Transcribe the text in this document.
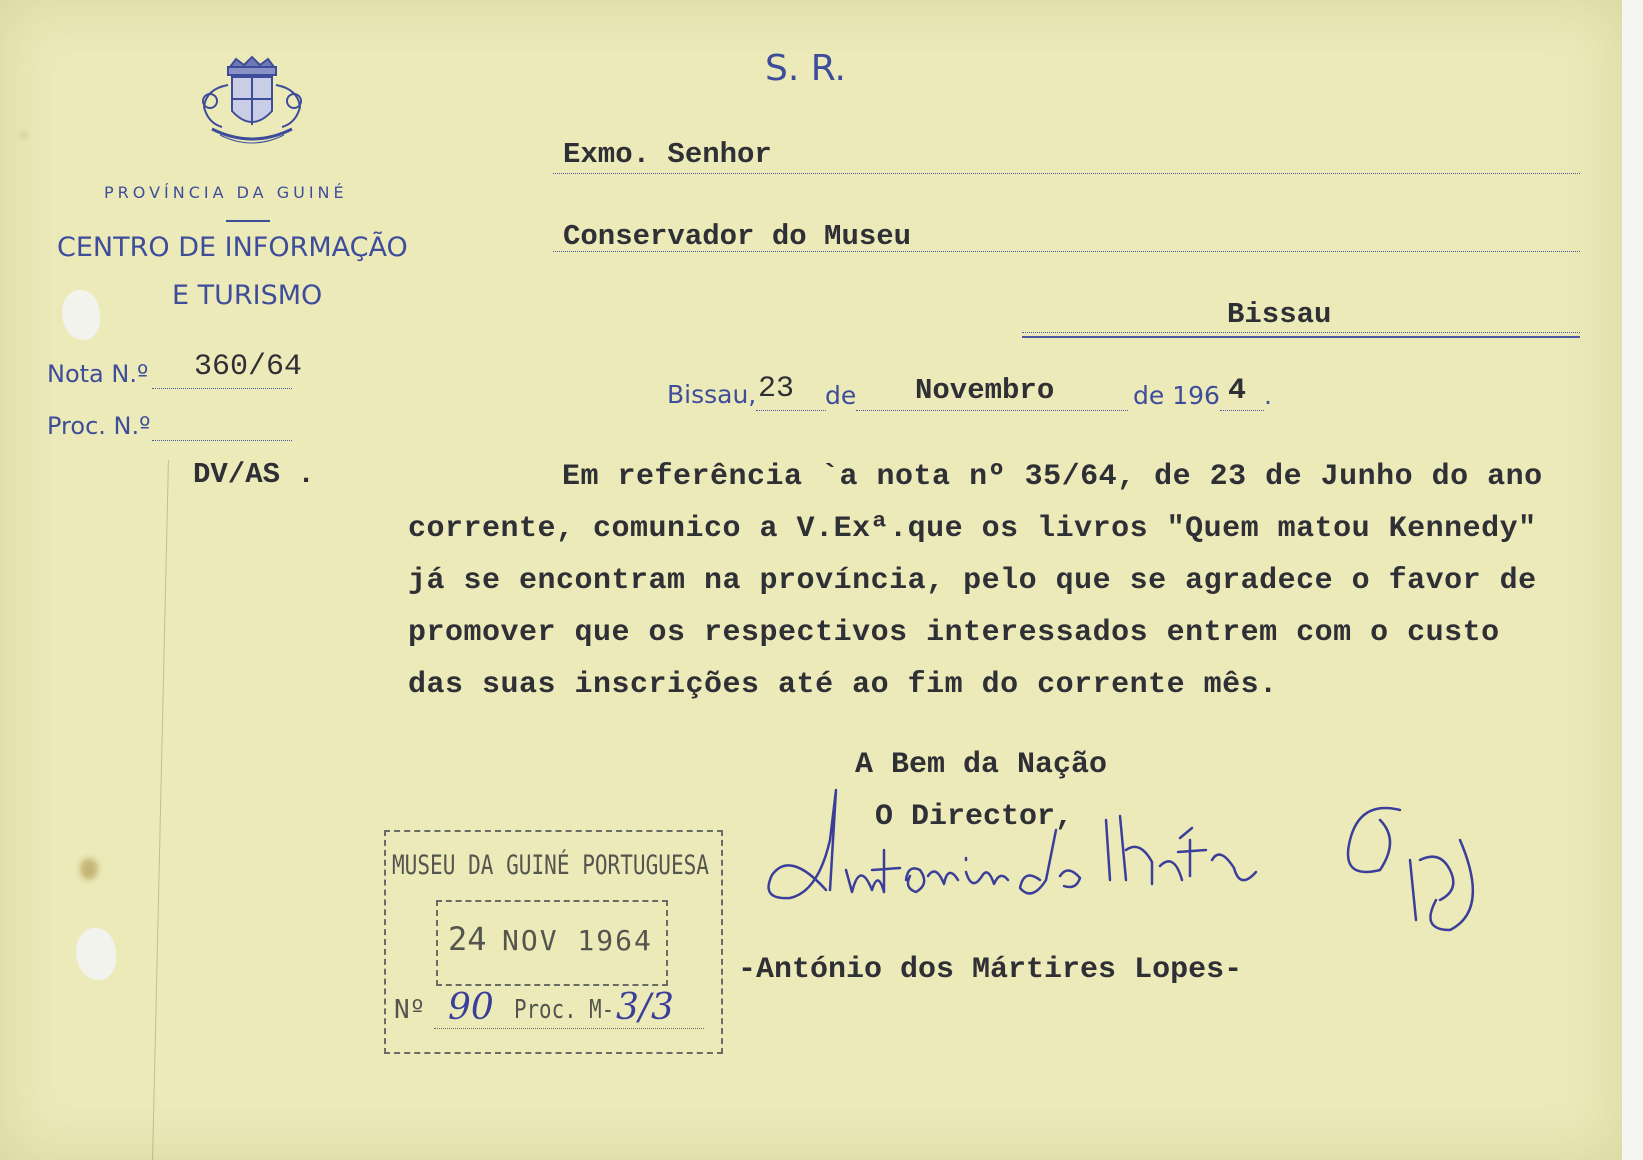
PROVÍNCIA DA GUINÉ
CENTRO DE INFORMAÇÃO
E TURISMO
Nota N.º 360/64
Proc. N.º
DV/AS .
S. R.
Exmo. Senhor
Conservador do Museu
Bissau
Bissau, 23 de Novembro	de 196 4 .
Em referência `a nota nº 35/64, de 23 de Junho do ano
corrente, comunico a V.Exª.que os livros "Quem matou Kennedy"
já se encontram na província, pelo que se agradece o favor de
promover que os respectivos interessados entrem com o custo
das suas inscrições até ao fim do corrente mês.
A Bem da Nação
O Director,
-António dos Mártires Lopes-
MUSEU DA GUINÉ PORTUGUESA
24 NOV 1964
Nº 90 Proc. M- 3/3
